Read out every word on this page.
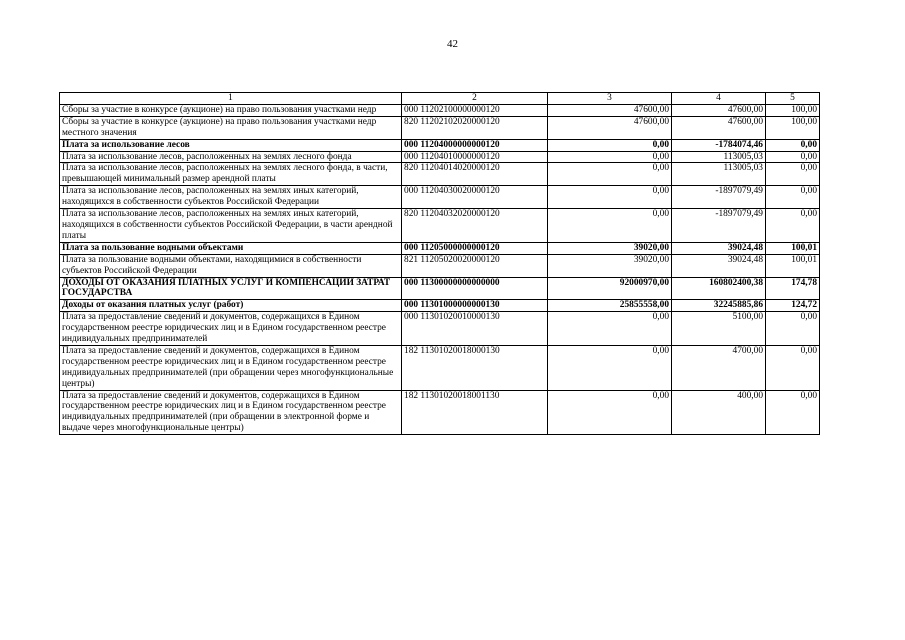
42
1	2	3	4	5
Сборы за участие в конкурсе (аукционе) на право пользования участками недр	000 11202100000000120	47600,00	47600,00	100,00
Сборы за участие в конкурсе (аукционе) на право пользования участками недр местного значения	820 11202102020000120	47600,00	47600,00	100,00
Плата за использование лесов	000 11204000000000120	0,00	-1784074,46	0,00
Плата за использование лесов, расположенных на землях лесного фонда	000 11204010000000120	0,00	113005,03	0,00
Плата за использование лесов, расположенных на землях лесного фонда, в части, превышающей минимальный размер арендной платы	820 11204014020000120	0,00	113005,03	0,00
Плата за использование лесов, расположенных на землях иных категорий, находящихся в собственности субъектов Российской Федерации	000 11204030020000120	0,00	-1897079,49	0,00
Плата за использование лесов, расположенных на землях иных категорий, находящихся в собственности субъектов Российской Федерации, в части арендной платы	820 11204032020000120	0,00	-1897079,49	0,00
Плата за пользование водными объектами	000 11205000000000120	39020,00	39024,48	100,01
Плата за пользование водными объектами, находящимися в собственности субъектов Российской Федерации	821 11205020020000120	39020,00	39024,48	100,01
ДОХОДЫ ОТ ОКАЗАНИЯ ПЛАТНЫХ УСЛУГ И КОМПЕНСАЦИИ ЗАТРАТ ГОСУДАРСТВА	000 11300000000000000	92000970,00	160802400,38	174,78
Доходы от оказания платных услуг (работ)	000 11301000000000130	25855558,00	32245885,86	124,72
Плата за предоставление сведений и документов, содержащихся в Едином государственном реестре юридических лиц и в Едином государственном реестре индивидуальных предпринимателей	000 11301020010000130	0,00	5100,00	0,00
Плата за предоставление сведений и документов, содержащихся в Едином государственном реестре юридических лиц и в Едином государственном реестре индивидуальных предпринимателей (при обращении через многофункциональные центры)	182 11301020018000130	0,00	4700,00	0,00
Плата за предоставление сведений и документов, содержащихся в Едином государственном реестре юридических лиц и в Едином государственном реестре индивидуальных предпринимателей (при обращении в электронной форме и выдаче через многофункциональные центры)	182 11301020018001130	0,00	400,00	0,00
